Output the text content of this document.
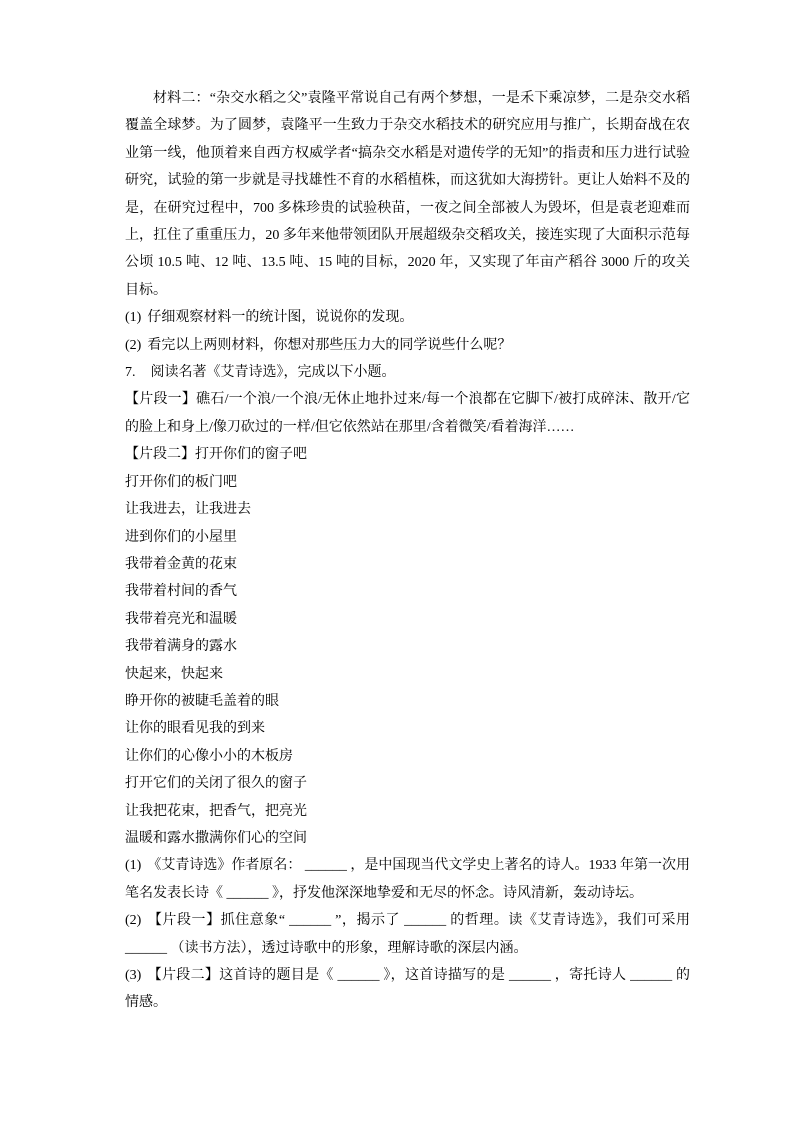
材料二：“杂交水稻之父”袁隆平常说自己有两个梦想，一是禾下乘凉梦，二是杂交水稻覆盖全球梦。为了圆梦，袁隆平一生致力于杂交水稻技术的研究应用与推广，长期奋战在农业第一线，他顶着来自西方权威学者“搞杂交水稻是对遗传学的无知”的指责和压力进行试验研究，试验的第一步就是寻找雄性不育的水稻植株，而这犹如大海捞针。更让人始料不及的是，在研究过程中，700 多株珍贵的试验秧苗，一夜之间全部被人为毁坏，但是袁老迎难而上，扛住了重重压力，20 多年来他带领团队开展超级杂交稻攻关，接连实现了大面积示范每公顷 10.5 吨、12 吨、13.5 吨、15 吨的目标，2020 年，又实现了年亩产稻谷 3000 斤的攻关目标。

(1) 仔细观察材料一的统计图，说说你的发现。

(2) 看完以上两则材料，你想对那些压力大的同学说些什么呢？

7. 阅读名著《艾青诗选》，完成以下小题。

【片段一】礁石/一个浪/一个浪/无休止地扑过来/每一个浪都在它脚下/被打成碎沫、散开/它的脸上和身上/像刀砍过的一样/但它依然站在那里/含着微笑/看着海洋……

【片段二】打开你们的窗子吧

打开你们的板门吧

让我进去，让我进去

进到你们的小屋里

我带着金黄的花束

我带着村间的香气

我带着亮光和温暖

我带着满身的露水

快起来，快起来

睁开你的被睫毛盖着的眼

让你的眼看见我的到来

让你们的心像小小的木板房

打开它们的关闭了很久的窗子

让我把花束，把香气，把亮光

温暖和露水撒满你们心的空间

(1) 《艾青诗选》作者原名： ______ ，是中国现当代文学史上著名的诗人。1933 年第一次用笔名发表长诗《 ______ 》，抒发他深深地挚爱和无尽的怀念。诗风清新，轰动诗坛。

(2) 【片段一】抓住意象“ ______ ”，揭示了 ______ 的哲理。读《艾青诗选》，我们可采用 ______ （读书方法），透过诗歌中的形象，理解诗歌的深层内涵。

(3) 【片段二】这首诗的题目是《 ______ 》，这首诗描写的是 ______ ，寄托诗人 ______ 的情感。
